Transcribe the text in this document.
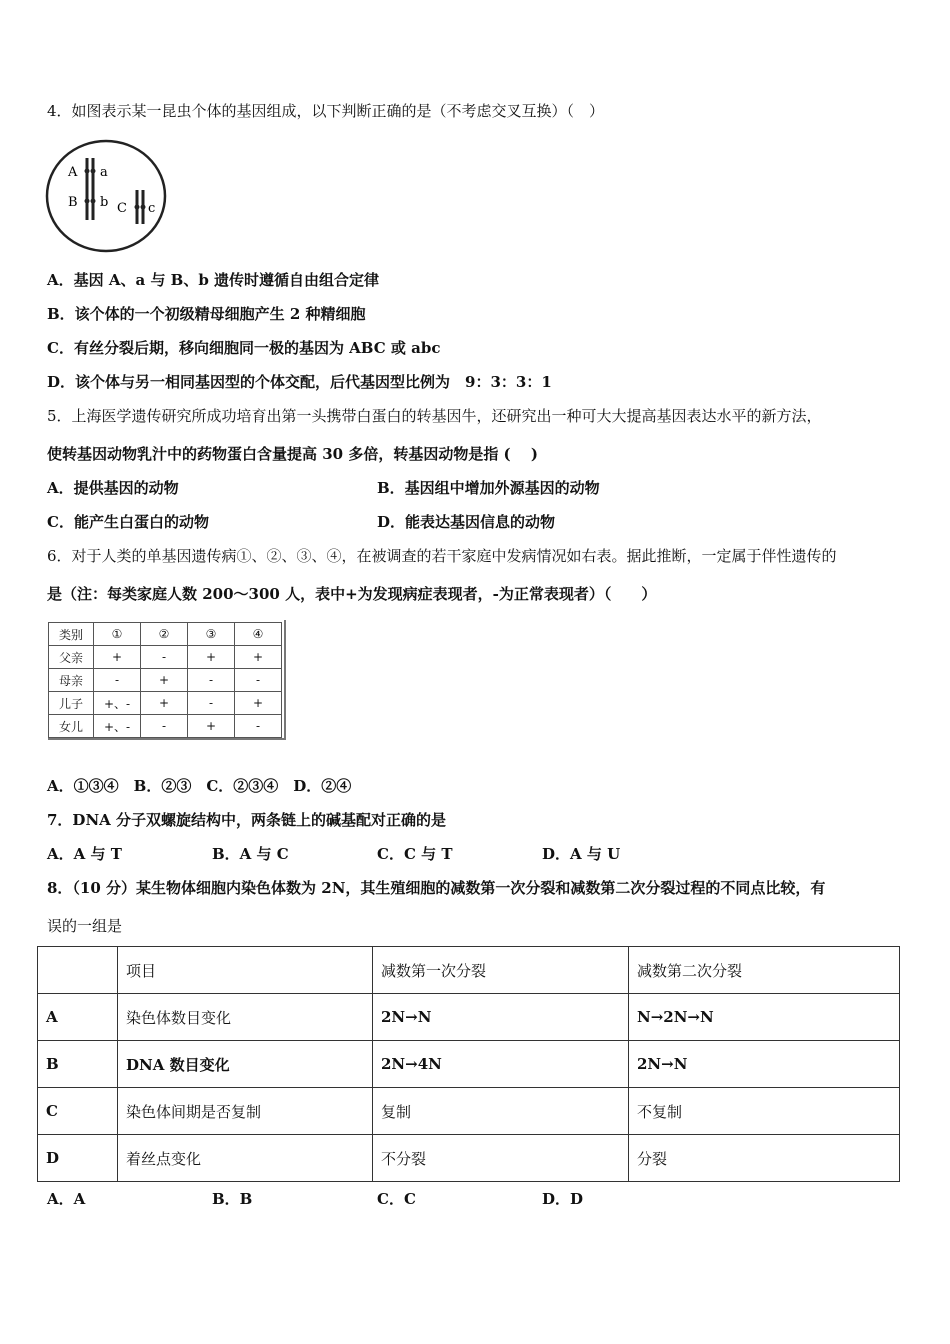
4．如图表示某一昆虫个体的基因组成，以下判断正确的是（不考虑交叉互换）（　）
A a
B b C c
A．基因 A、a 与 B、b 遗传时遵循自由组合定律
B．该个体的一个初级精母细胞产生 2 种精细胞
C．有丝分裂后期，移向细胞同一极的基因为 ABC 或 abc
D．该个体与另一相同基因型的个体交配，后代基因型比例为　9：3：3：1
5．上海医学遗传研究所成功培育出第一头携带白蛋白的转基因牛，还研究出一种可大大提高基因表达水平的新方法，
使转基因动物乳汁中的药物蛋白含量提高 30 多倍，转基因动物是指 (　 )
A．提供基因的动物	B．基因组中增加外源基因的动物
C．能产生白蛋白的动物	D．能表达基因信息的动物
6．对于人类的单基因遗传病①、②、③、④，在被调查的若干家庭中发病情况如右表。据此推断，一定属于伴性遗传的
是（注：每类家庭人数 200～300 人，表中+为发现病症表现者，-为正常表现者）（　　）
类别	①	②	③	④
父亲	+	-	+	+
母亲	-	+	-	-
儿子	+、-	+	-	+
女儿	+、-	-	+	-
A．①③④　B．②③　C．②③④　D．②④
7．DNA 分子双螺旋结构中，两条链上的碱基配对正确的是
A．A 与 T	B．A 与 C	C．C 与 T	D．A 与 U
8．（10 分）某生物体细胞内染色体数为 2N，其生殖细胞的减数第一次分裂和减数第二次分裂过程的不同点比较，有
误的一组是
	项目	减数第一次分裂	减数第二次分裂
A	染色体数目变化	2N→N	N→2N→N
B	DNA 数目变化	2N→4N	2N→N
C	染色体间期是否复制	复制	不复制
D	着丝点变化	不分裂	分裂
A．A	B．B	C．C	D．D
